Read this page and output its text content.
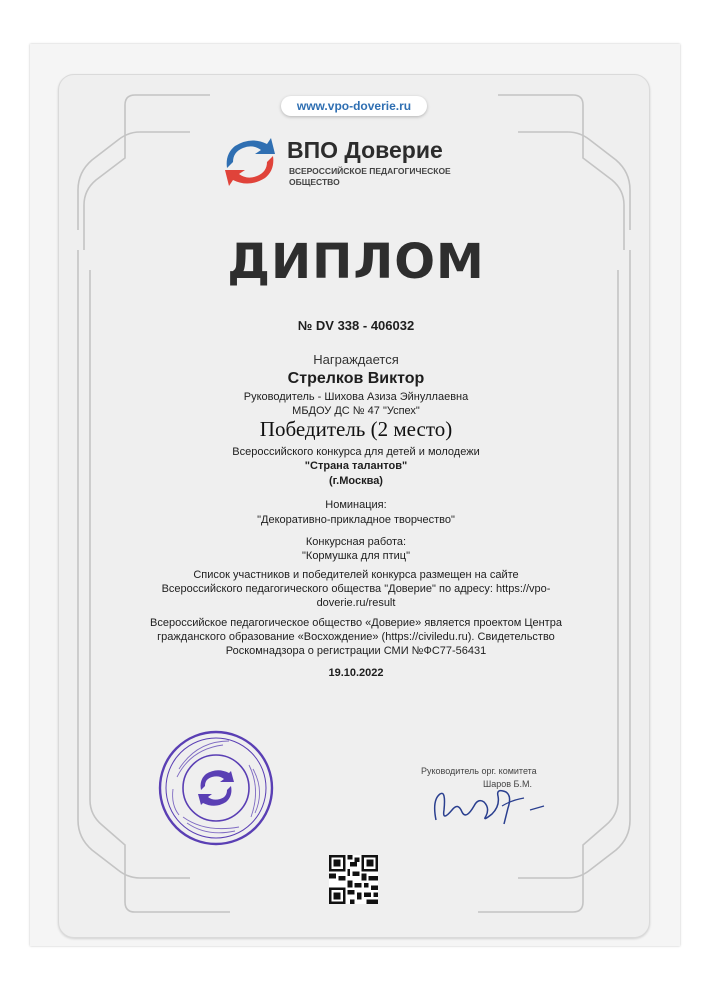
www.vpo-doverie.ru
ВПО Доверие
ВСЕРОССИЙСКОЕ ПЕДАГОГИЧЕСКОЕ ОБЩЕСТВО
ДИПЛОМ
№ DV 338 - 406032
Награждается
Стрелков Виктор
Руководитель - Шихова Азиза Эйнуллаевна
МБДОУ ДС № 47 "Успех"
Победитель (2 место)
Всероссийского конкурса для детей и молодежи
"Страна талантов"
(г.Москва)
Номинация:
"Декоративно-прикладное творчество"
Конкурсная работа:
"Кормушка для птиц"
Список участников и победителей конкурса размещен на сайте
Всероссийского педагогического общества "Доверие" по адресу: https://vpo-
doverie.ru/result
Всероссийское педагогическое общество «Доверие» является проектом Центра
гражданского образование «Восхождение» (https://civiledu.ru). Свидетельство
Роскомнадзора о регистрации СМИ №ФС77-56431
19.10.2022
Руководитель орг. комитета
Шаров Б.М.
